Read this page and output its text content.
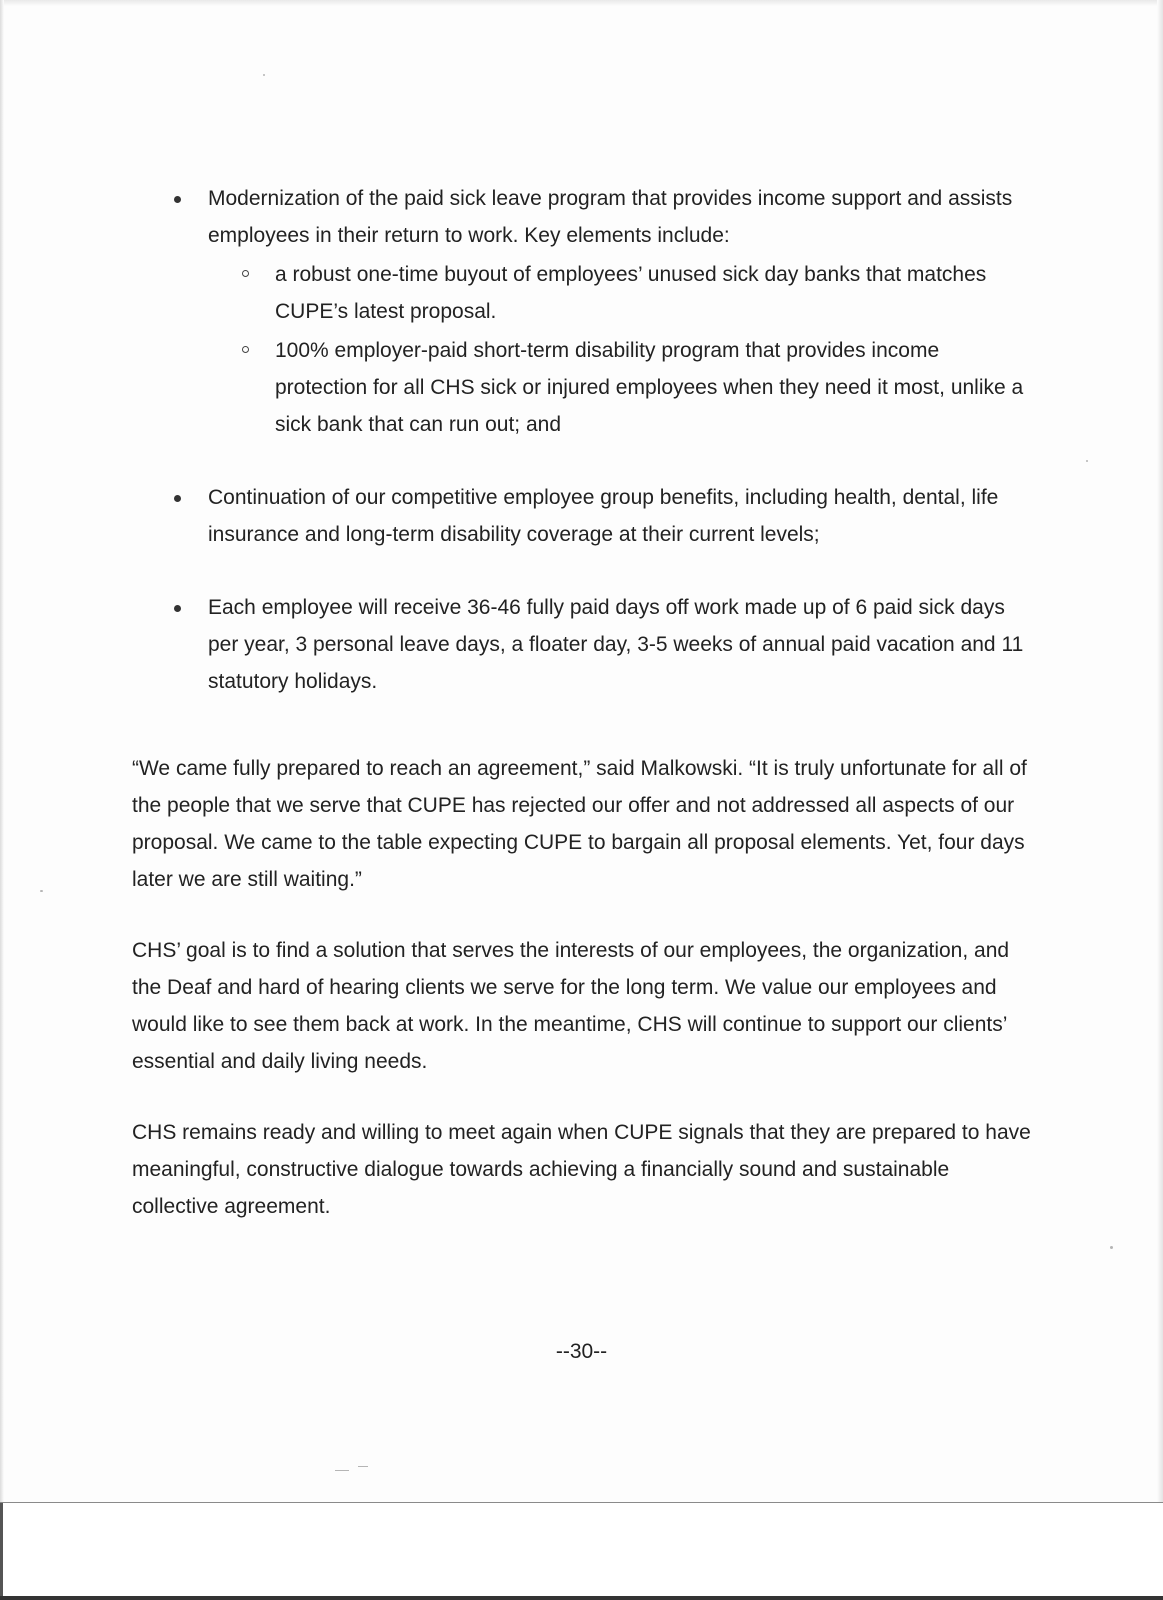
Modernization of the paid sick leave program that provides income support and assists employees in their return to work. Key elements include:
a robust one-time buyout of employees’ unused sick day banks that matches CUPE’s latest proposal.
100% employer-paid short-term disability program that provides income protection for all CHS sick or injured employees when they need it most, unlike a sick bank that can run out; and
Continuation of our competitive employee group benefits, including health, dental, life insurance and long-term disability coverage at their current levels;
Each employee will receive 36-46 fully paid days off work made up of 6 paid sick days per year, 3 personal leave days, a floater day, 3-5 weeks of annual paid vacation and 11 statutory holidays.

“We came fully prepared to reach an agreement,” said Malkowski. “It is truly unfortunate for all of the people that we serve that CUPE has rejected our offer and not addressed all aspects of our proposal. We came to the table expecting CUPE to bargain all proposal elements. Yet, four days later we are still waiting.”

CHS’ goal is to find a solution that serves the interests of our employees, the organization, and the Deaf and hard of hearing clients we serve for the long term. We value our employees and would like to see them back at work. In the meantime, CHS will continue to support our clients’ essential and daily living needs.

CHS remains ready and willing to meet again when CUPE signals that they are prepared to have meaningful, constructive dialogue towards achieving a financially sound and sustainable collective agreement.

--30--
